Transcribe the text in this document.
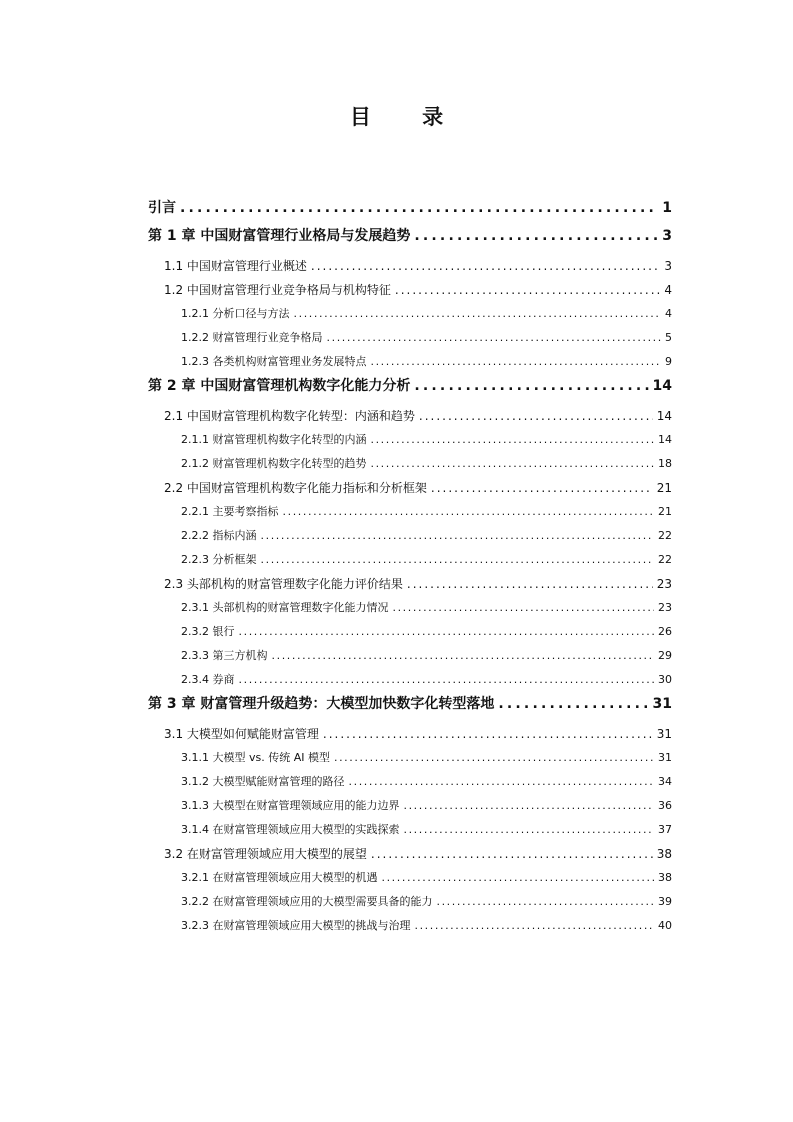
目 录
引言 .....	1
第 1 章 中国财富管理行业格局与发展趋势 .....	3
1.1 中国财富管理行业概述 .....	3
1.2 中国财富管理行业竞争格局与机构特征 .....	4
1.2.1 分析口径与方法 .....	4
1.2.2 财富管理行业竞争格局 .....	5
1.2.3 各类机构财富管理业务发展特点 .....	9
第 2 章 中国财富管理机构数字化能力分析 .....	14
2.1 中国财富管理机构数字化转型：内涵和趋势 .....	14
2.1.1 财富管理机构数字化转型的内涵 .....	14
2.1.2 财富管理机构数字化转型的趋势 .....	18
2.2 中国财富管理机构数字化能力指标和分析框架 .....	21
2.2.1 主要考察指标 .....	21
2.2.2 指标内涵 .....	22
2.2.3 分析框架 .....	22
2.3 头部机构的财富管理数字化能力评价结果 .....	23
2.3.1 头部机构的财富管理数字化能力情况 .....	23
2.3.2 银行 .....	26
2.3.3 第三方机构 .....	29
2.3.4 券商 .....	30
第 3 章 财富管理升级趋势：大模型加快数字化转型落地 .....	31
3.1 大模型如何赋能财富管理 .....	31
3.1.1 大模型 vs. 传统 AI 模型 .....	31
3.1.2 大模型赋能财富管理的路径 .....	34
3.1.3 大模型在财富管理领域应用的能力边界 .....	36
3.1.4 在财富管理领域应用大模型的实践探索 .....	37
3.2 在财富管理领域应用大模型的展望 .....	38
3.2.1 在财富管理领域应用大模型的机遇 .....	38
3.2.2 在财富管理领域应用的大模型需要具备的能力 .....	39
3.2.3 在财富管理领域应用大模型的挑战与治理 .....	40
